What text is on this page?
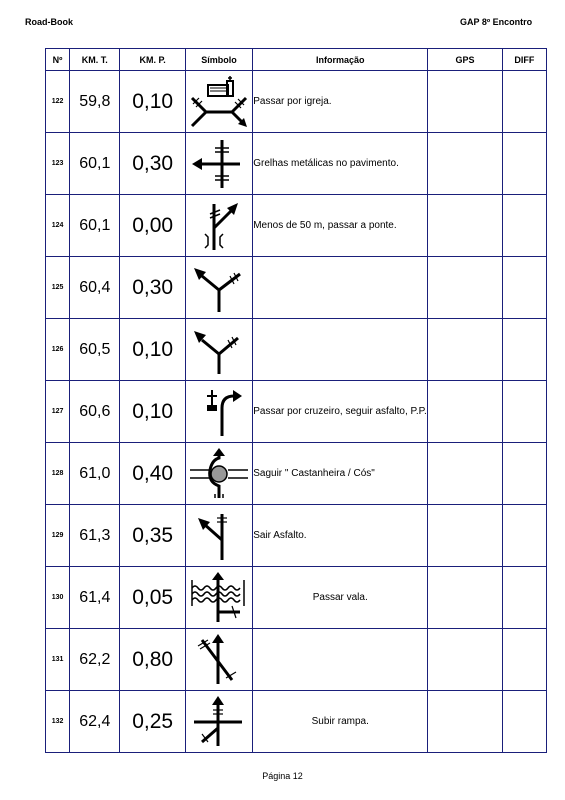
Road-Book	GAP 8º Encontro
Nº	KM. T.	KM. P.	Símbolo	Informação	GPS	DIFF
122	59,8	0,10		Passar por igreja.		
123	60,1	0,30		Grelhas metálicas no pavimento.		
124	60,1	0,00		Menos de 50 m, passar a ponte.		
125	60,4	0,30	

126	60,5	0,10	

127	60,6	0,10		Passar por cruzeiro, seguir asfalto, P.P.		
128	61,0	0,40		Saguir " Castanheira / Cós"		
129	61,3	0,35		Sair Asfalto.		
130	61,4	0,05		Passar vala.		
131	62,2	0,80	

132	62,4	0,25		Subir rampa.		
Página 12
